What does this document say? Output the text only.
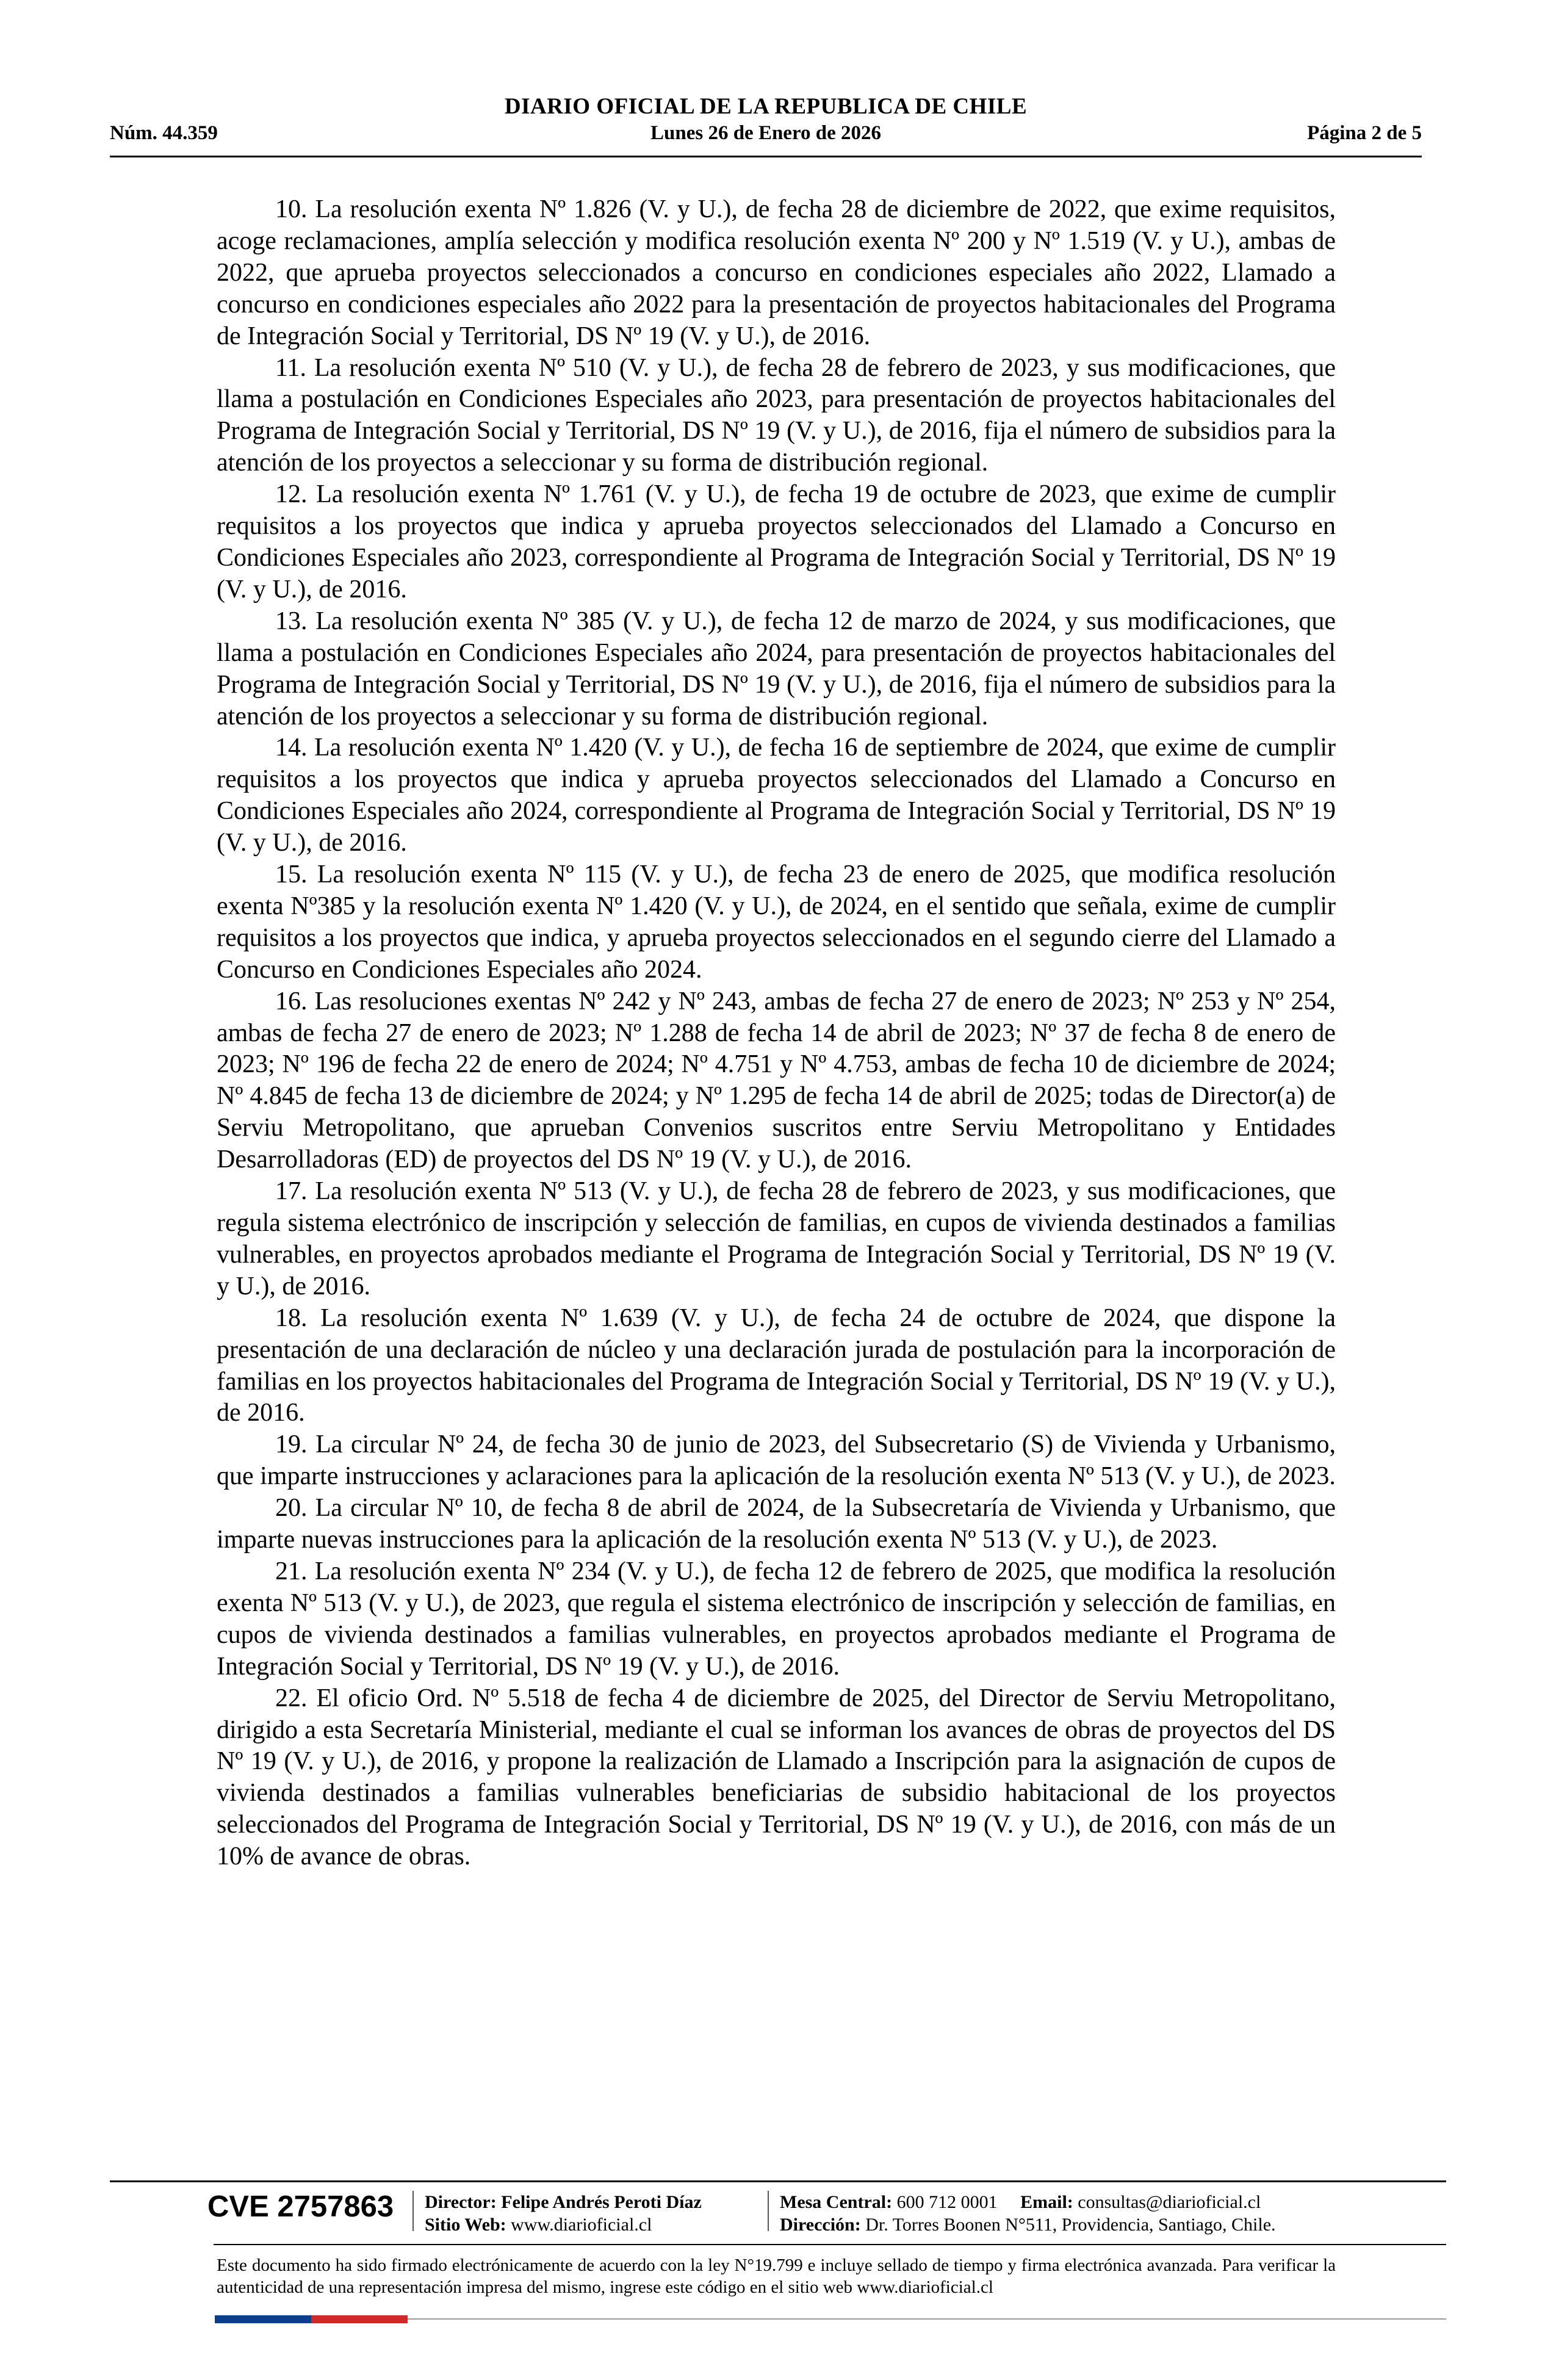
DIARIO OFICIAL DE LA REPUBLICA DE CHILE
Núm. 44.359	Lunes 26 de Enero de 2026	Página 2 de 5

10. La resolución exenta Nº 1.826 (V. y U.), de fecha 28 de diciembre de 2022, que exime requisitos, acoge reclamaciones, amplía selección y modifica resolución exenta Nº 200 y Nº 1.519 (V. y U.), ambas de 2022, que aprueba proyectos seleccionados a concurso en condiciones especiales año 2022, Llamado a concurso en condiciones especiales año 2022 para la presentación de proyectos habitacionales del Programa de Integración Social y Territorial, DS Nº 19 (V. y U.), de 2016.

11. La resolución exenta Nº 510 (V. y U.), de fecha 28 de febrero de 2023, y sus modificaciones, que llama a postulación en Condiciones Especiales año 2023, para presentación de proyectos habitacionales del Programa de Integración Social y Territorial, DS Nº 19 (V. y U.), de 2016, fija el número de subsidios para la atención de los proyectos a seleccionar y su forma de distribución regional.

12. La resolución exenta Nº 1.761 (V. y U.), de fecha 19 de octubre de 2023, que exime de cumplir requisitos a los proyectos que indica y aprueba proyectos seleccionados del Llamado a Concurso en Condiciones Especiales año 2023, correspondiente al Programa de Integración Social y Territorial, DS Nº 19 (V. y U.), de 2016.

13. La resolución exenta Nº 385 (V. y U.), de fecha 12 de marzo de 2024, y sus modificaciones, que llama a postulación en Condiciones Especiales año 2024, para presentación de proyectos habitacionales del Programa de Integración Social y Territorial, DS Nº 19 (V. y U.), de 2016, fija el número de subsidios para la atención de los proyectos a seleccionar y su forma de distribución regional.

14. La resolución exenta Nº 1.420 (V. y U.), de fecha 16 de septiembre de 2024, que exime de cumplir requisitos a los proyectos que indica y aprueba proyectos seleccionados del Llamado a Concurso en Condiciones Especiales año 2024, correspondiente al Programa de Integración Social y Territorial, DS Nº 19 (V. y U.), de 2016.

15. La resolución exenta Nº 115 (V. y U.), de fecha 23 de enero de 2025, que modifica resolución exenta Nº385 y la resolución exenta Nº 1.420 (V. y U.), de 2024, en el sentido que señala, exime de cumplir requisitos a los proyectos que indica, y aprueba proyectos seleccionados en el segundo cierre del Llamado a Concurso en Condiciones Especiales año 2024.

16. Las resoluciones exentas Nº 242 y Nº 243, ambas de fecha 27 de enero de 2023; Nº 253 y Nº 254, ambas de fecha 27 de enero de 2023; Nº 1.288 de fecha 14 de abril de 2023; Nº 37 de fecha 8 de enero de 2023; Nº 196 de fecha 22 de enero de 2024; Nº 4.751 y Nº 4.753, ambas de fecha 10 de diciembre de 2024; Nº 4.845 de fecha 13 de diciembre de 2024; y Nº 1.295 de fecha 14 de abril de 2025; todas de Director(a) de Serviu Metropolitano, que aprueban Convenios suscritos entre Serviu Metropolitano y Entidades Desarrolladoras (ED) de proyectos del DS Nº 19 (V. y U.), de 2016.

17. La resolución exenta Nº 513 (V. y U.), de fecha 28 de febrero de 2023, y sus modificaciones, que regula sistema electrónico de inscripción y selección de familias, en cupos de vivienda destinados a familias vulnerables, en proyectos aprobados mediante el Programa de Integración Social y Territorial, DS Nº 19 (V. y U.), de 2016.

18. La resolución exenta Nº 1.639 (V. y U.), de fecha 24 de octubre de 2024, que dispone la presentación de una declaración de núcleo y una declaración jurada de postulación para la incorporación de familias en los proyectos habitacionales del Programa de Integración Social y Territorial, DS Nº 19 (V. y U.), de 2016.

19. La circular Nº 24, de fecha 30 de junio de 2023, del Subsecretario (S) de Vivienda y Urbanismo, que imparte instrucciones y aclaraciones para la aplicación de la resolución exenta Nº 513 (V. y U.), de 2023.

20. La circular Nº 10, de fecha 8 de abril de 2024, de la Subsecretaría de Vivienda y Urbanismo, que imparte nuevas instrucciones para la aplicación de la resolución exenta Nº 513 (V. y U.), de 2023.

21. La resolución exenta Nº 234 (V. y U.), de fecha 12 de febrero de 2025, que modifica la resolución exenta Nº 513 (V. y U.), de 2023, que regula el sistema electrónico de inscripción y selección de familias, en cupos de vivienda destinados a familias vulnerables, en proyectos aprobados mediante el Programa de Integración Social y Territorial, DS Nº 19 (V. y U.), de 2016.

22. El oficio Ord. Nº 5.518 de fecha 4 de diciembre de 2025, del Director de Serviu Metropolitano, dirigido a esta Secretaría Ministerial, mediante el cual se informan los avances de obras de proyectos del DS Nº 19 (V. y U.), de 2016, y propone la realización de Llamado a Inscripción para la asignación de cupos de vivienda destinados a familias vulnerables beneficiarias de subsidio habitacional de los proyectos seleccionados del Programa de Integración Social y Territorial, DS Nº 19 (V. y U.), de 2016, con más de un 10% de avance de obras.

CVE 2757863 Director: Felipe Andrés Peroti Díaz
Sitio Web: www.diarioficial.cl
Mesa Central: 600 712 0001 Email: consultas@diarioficial.cl
Dirección: Dr. Torres Boonen N°511, Providencia, Santiago, Chile.
Este documento ha sido firmado electrónicamente de acuerdo con la ley N°19.799 e incluye sellado de tiempo y firma electrónica avanzada. Para verificar la autenticidad de una representación impresa del mismo, ingrese este código en el sitio web www.diarioficial.cl
